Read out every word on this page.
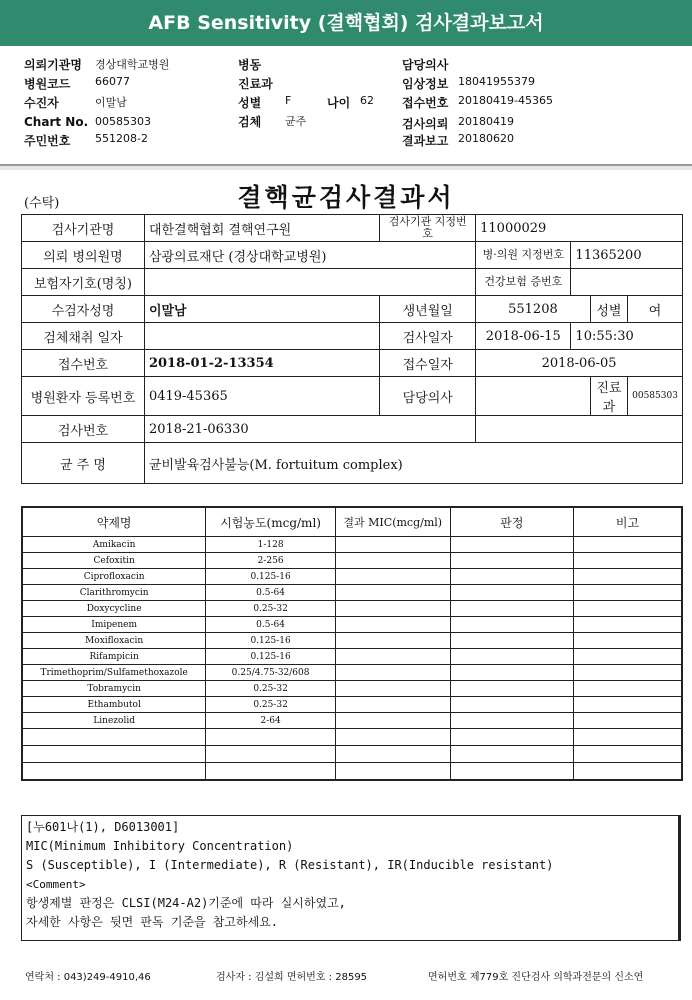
AFB Sensitivity (결핵협회) 검사결과보고서
의뢰기관명 경상대학교병원
병원코드 66077
수진자	이말남
Chart No. 00585303
주민번호 551208-2
병동
진료과
성별 F	나이 62
검체 균주
담당의사
임상정보 18041955379
접수번호 20180419-45365
검사의뢰 20180419
결과보고 20180620
(수탁)	결핵균검사결과서
검사기관명	대한결핵협회 결핵연구원	검사기관 지정번호	11000029			
의뢰 병의원명	삼광의료재단 (경상대학교병원)		병·의원 지정번호	11365200		
보험자기호(명칭)			건강보험 증번호			
수검자성명	이말남	생년월일	551208		성별	여
검체채취 일자		검사일자	2018-06-15	10:55:30		
접수번호	2018-01-2-13354	접수일자	2018-06-05			
병원환자 등록번호	0419-45365	담당의사			진료과	00585303
검사번호	2018-21-06330					
균 주 명	균비발육검사불능(M. fortuitum complex)					
약제명	시험농도(mcg/ml)	결과 MIC(mcg/ml)	판정	비고
Amikacin	1-128			
Cefoxitin	2-256			
Ciprofloxacin	0.125-16			
Clarithromycin	0.5-64			
Doxycycline	0.25-32			
Imipenem	0.5-64			
Moxifloxacin	0.125-16			
Rifampicin	0.125-16			
Trimethoprim/Sulfamethoxazole	0.25/4.75-32/608			
Tobramycin	0.25-32			
Ethambutol	0.25-32			
Linezolid	2-64			

[누601나(1), D6013001]
MIC(Minimum Inhibitory Concentration)
S (Susceptible), I (Intermediate), R (Resistant), IR(Inducible resistant)
<Comment>
항생제별 판정은 CLSI(M24-A2)기준에 따라 실시하였고,
자세한 사항은 뒷면 판독 기준을 참고하세요.
연락처 : 043)249-4910,46	검사자 : 김설희 면허번호 : 28595	면허번호 제779호 진단검사 의학과전문의 신소연
